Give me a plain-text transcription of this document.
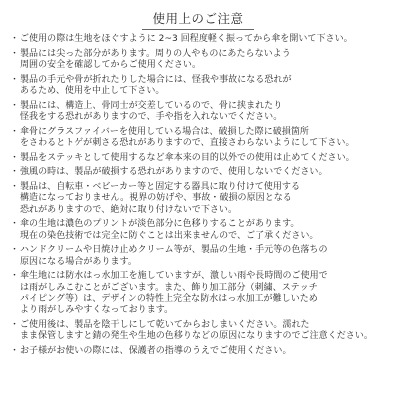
使用上のご注意
・ ご使用の際は生地をほぐすように 2~3 回程度軽く振ってから傘を開いて下さい。
・ 製品には尖った部分があります。周りの人やものにあたらないよう
周囲の安全を確認してからご使用ください。
・ 製品の手元や骨が折れたりした場合には、怪我や事故になる恐れが
あるため、使用を中止して下さい。
・ 製品には、構造上、骨同士が交差しているので、骨に挟まれたり
怪我をする恐れがありますので、手や指を入れないでください。
・ 傘骨にグラスファイバーを使用している場合は、破損した際に破損箇所
をさわるとトゲが刺さる恐れがありますので、直接さわらないようにして下さい。
・ 製品をステッキとして使用するなど傘本来の目的以外での使用は止めてください。
・ 強風の時は、製品が破損する恐れがありますので、使用しないでください。
・ 製品は、自転車・ベビーカー等と固定する器具に取り付けて使用する
構造になっておりません。視界の妨げや、事故・破損の原因となる
恐れがありますので、絶対に取り付けないで下さい。
・ 傘の生地は濃色のプリントが淡色部分に色移りすることがあります。
現在の染色技術では完全に防ぐことは出来ませんので、ご了承ください。
・ ハンドクリームや日焼け止めクリーム等が、製品の生地・手元等の色落ちの
原因になる場合があります。
・ 傘生地には防水はっ水加工を施していますが、激しい雨や長時間のご使用で
は雨がしみこむことがございます。また、飾り加工部分（刺繍、ステッチ
パイピング等）は、デザインの特性上完全な防水はっ水加工が難しいため
より雨がしみやすくなっております。
・ ご使用後は、製品を陰干しにして乾いてからおしまいください。濡れた
まま保管しますと錆の発生や生地の色移りなどの原因になりますのでご注意ください。
・ お子様がお使いの際には、保護者の指導のうえでご使用ください。
